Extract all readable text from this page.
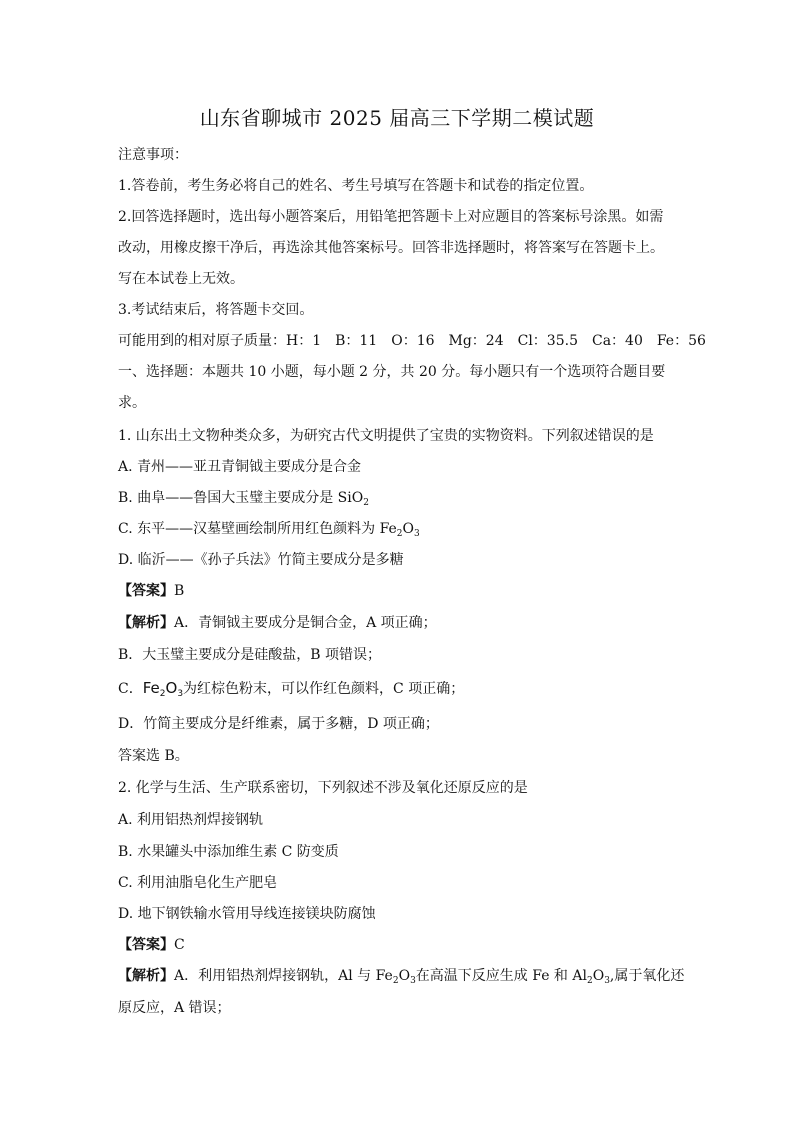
山东省聊城市 2025 届高三下学期二模试题
注意事项：
1.答卷前，考生务必将自己的姓名、考生号填写在答题卡和试卷的指定位置。
2.回答选择题时，选出每小题答案后，用铅笔把答题卡上对应题目的答案标号涂黑。如需
改动，用橡皮擦干净后，再选涂其他答案标号。回答非选择题时，将答案写在答题卡上。
写在本试卷上无效。
3.考试结束后，将答题卡交回。
可能用到的相对原子质量：H：1　B：11　O：16　Mg：24　Cl：35.5　Ca：40　Fe：56
一、选择题：本题共 10 小题，每小题 2 分，共 20 分。每小题只有一个选项符合题目要
求。
1. 山东出土文物种类众多，为研究古代文明提供了宝贵的实物资料。下列叙述错误的是
A. 青州——亚丑青铜钺主要成分是合金
B. 曲阜——鲁国大玉璧主要成分是 SiO$_2$
C. 东平——汉墓壁画绘制所用红色颜料为 $Fe_2O_3$
D. 临沂——《孙子兵法》竹简主要成分是多糖
【答案】B
【解析】A．青铜钺主要成分是铜合金，A 项正确；
B．大玉璧主要成分是硅酸盐，B 项错误；
C．$Fe_2O_3$为红棕色粉末，可以作红色颜料，C 项正确；
D．竹简主要成分是纤维素，属于多糖，D 项正确；
答案选 B。
2. 化学与生活、生产联系密切，下列叙述不涉及氧化还原反应的是
A. 利用铝热剂焊接钢轨
B. 水果罐头中添加维生素 C 防变质
C. 利用油脂皂化生产肥皂
D. 地下钢铁输水管用导线连接镁块防腐蚀
【答案】C
【解析】A．利用铝热剂焊接钢轨，Al 与 $Fe_2O_3$在高温下反应生成 Fe 和 $Al_2O_3$,属于氧化还
原反应，A 错误；
